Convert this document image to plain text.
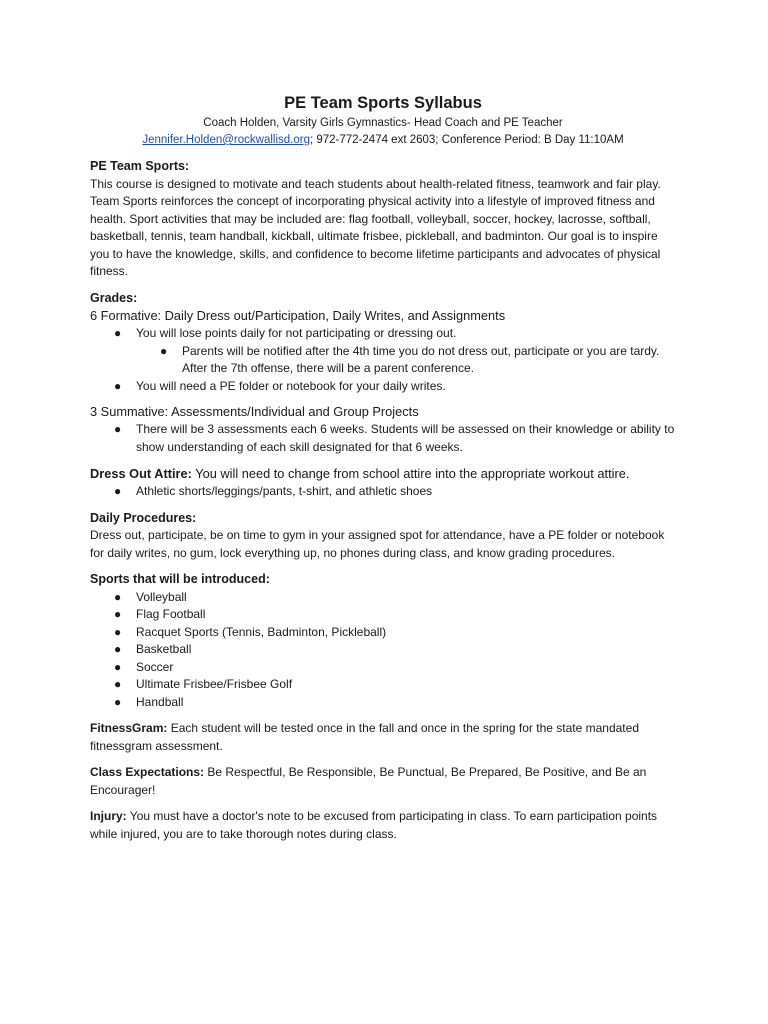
PE Team Sports Syllabus

Coach Holden, Varsity Girls Gymnastics- Head Coach and PE Teacher

Jennifer.Holden@rockwallisd.org; 972-772-2474 ext 2603; Conference Period: B Day 11:10AM

PE Team Sports:

This course is designed to motivate and teach students about health-related fitness, teamwork and fair play. Team Sports reinforces the concept of incorporating physical activity into a lifestyle of improved fitness and health. Sport activities that may be included are: flag football, volleyball, soccer, hockey, lacrosse, softball, basketball, tennis, team handball, kickball, ultimate frisbee, pickleball, and badminton. Our goal is to inspire you to have the knowledge, skills, and confidence to become lifetime participants and advocates of physical fitness.

Grades:
6 Formative: Daily Dress out/Participation, Daily Writes, and Assignments
● You will lose points daily for not participating or dressing out.
● Parents will be notified after the 4th time you do not dress out, participate or you are tardy. After the 7th offense, there will be a parent conference.
● You will need a PE folder or notebook for your daily writes.
3 Summative: Assessments/Individual and Group Projects
● There will be 3 assessments each 6 weeks. Students will be assessed on their knowledge or ability to show understanding of each skill designated for that 6 weeks.
Dress Out Attire: You will need to change from school attire into the appropriate workout attire.
● Athletic shorts/leggings/pants, t-shirt, and athletic shoes
Daily Procedures:

Dress out, participate, be on time to gym in your assigned spot for attendance, have a PE folder or notebook for daily writes, no gum, lock everything up, no phones during class, and know grading procedures.

Sports that will be introduced:
● Volleyball
● Flag Football
● Racquet Sports (Tennis, Badminton, Pickleball)
● Basketball
● Soccer
● Ultimate Frisbee/Frisbee Golf
● Handball

FitnessGram: Each student will be tested once in the fall and once in the spring for the state mandated fitnessgram assessment.

Class Expectations: Be Respectful, Be Responsible, Be Punctual, Be Prepared, Be Positive, and Be an Encourager!

Injury: You must have a doctor's note to be excused from participating in class. To earn participation points while injured, you are to take thorough notes during class.
